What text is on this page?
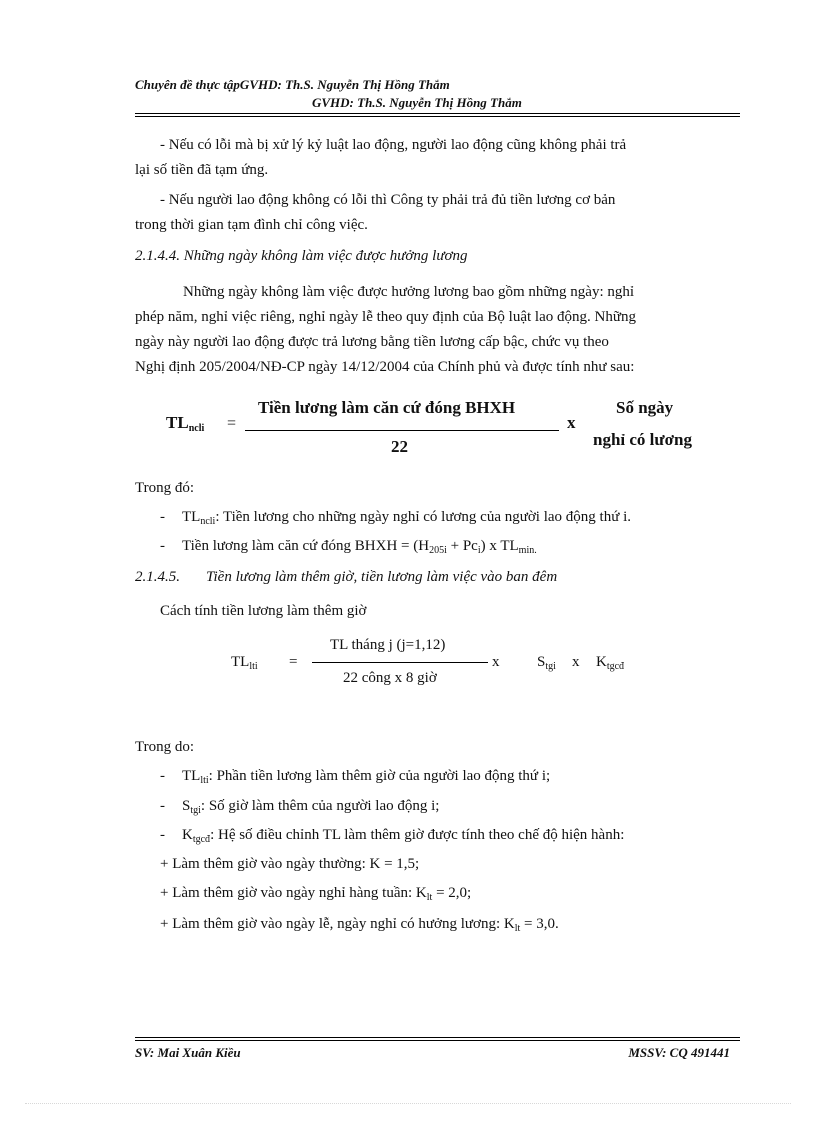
Chuyên đề thực tậpGVHD: Th.S. Nguyễn Thị Hồng Thắm
GVHD: Th.S. Nguyễn Thị Hồng Thắm
- Nếu có lỗi mà bị xử lý kỷ luật lao động, người lao động cũng không phải trả
lại số tiền đã tạm ứng.
- Nếu người lao động không có lỗi thì Công ty phải trả đủ tiền lương cơ bản
trong thời gian tạm đình chỉ công việc.
2.1.4.4. Những ngày không làm việc được hưởng lương
Những ngày không làm việc được hưởng lương bao gồm những ngày: nghỉ
phép năm, nghỉ việc riêng, nghỉ ngày lễ theo quy định của Bộ luật lao động. Những
ngày này người lao động được trả lương bằng tiền lương cấp bậc, chức vụ theo
Nghị định 205/2004/NĐ-CP ngày 14/12/2004 của Chính phủ và được tính như sau:
$TL_{ncli}$ =
Tiền lương làm căn cứ đóng BHXH
22
x
Số ngày
nghỉ có lương
Trong đó:
- $TL_{ncli}$: Tiền lương cho những ngày nghỉ có lương của người lao động thứ i.
- Tiền lương làm căn cứ đóng BHXH = $(H_{205i} + Pc_i)$ x $TL_{min.}$
2.1.4.5. Tiền lương làm thêm giờ, tiền lương làm việc vào ban đêm
Cách tính tiền lương làm thêm giờ
$TL_{lti}$ =
TL tháng j (j=1,12)
22 công x 8 giờ
x	$S_{tgi}$ x $K_{tgcđ}$
Trong do:
- $TL_{lti}$: Phần tiền lương làm thêm giờ của người lao động thứ i;
- $S_{tgi}$: Số giờ làm thêm của người lao động i;
- $K_{tgcđ}$: Hệ số điều chỉnh TL làm thêm giờ được tính theo chế độ hiện hành:
+ Làm thêm giờ vào ngày thường: K = 1,5;
+ Làm thêm giờ vào ngày nghỉ hàng tuần: $K_{lt} = 2,0$;
+ Làm thêm giờ vào ngày lễ, ngày nghỉ có hưởng lương: $K_{lt} = 3,0$.
SV: Mai Xuân Kiều	MSSV: CQ 491441
